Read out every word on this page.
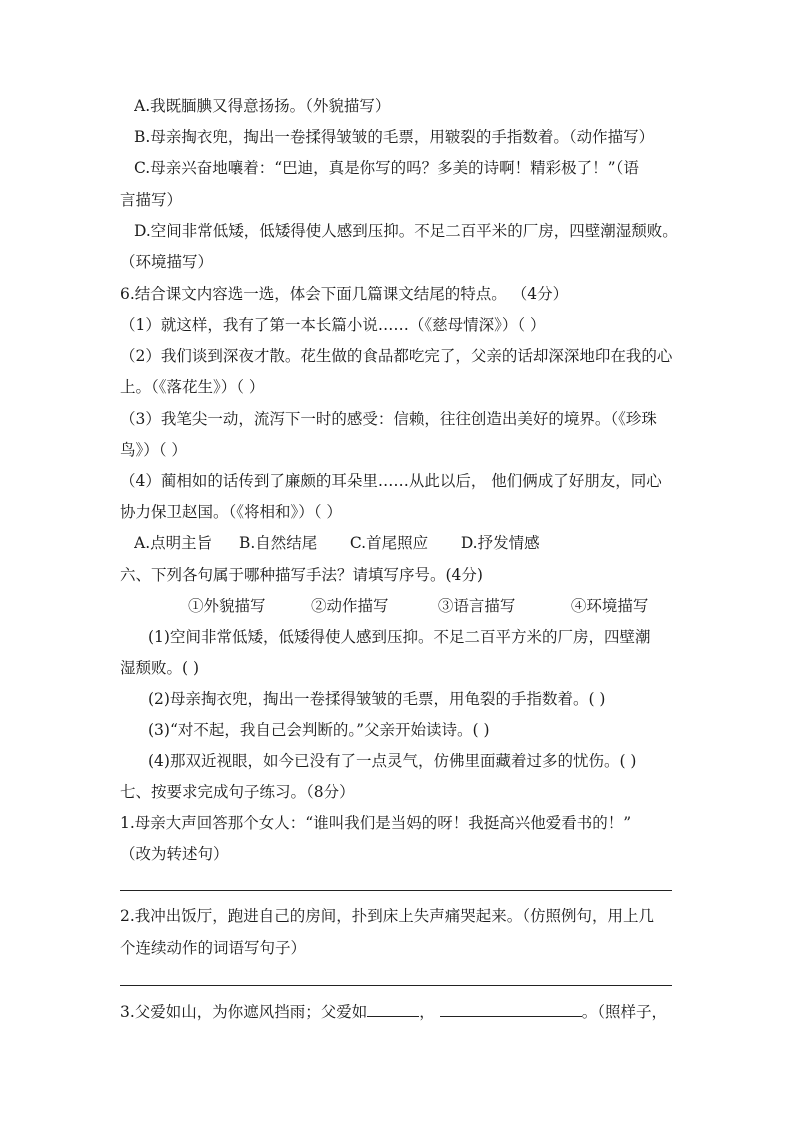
A.我既腼腆又得意扬扬。（外貌描写）
B.母亲掏衣兜，掏出一卷揉得皱皱的毛票，用皲裂的手指数着。（动作描写）
C.母亲兴奋地嚷着：“巴迪，真是你写的吗？多美的诗啊！精彩极了！”（语
言描写）
D.空间非常低矮，低矮得使人感到压抑。不足二百平米的厂房，四壁潮湿颓败。
（环境描写）
6.结合课文内容选一选，体会下面几篇课文结尾的特点。 （4分）
（1）就这样，我有了第一本长篇小说……（《慈母情深》）（ ）
（2）我们谈到深夜才散。花生做的食品都吃完了，父亲的话却深深地印在我的心
上。（《落花生》）（ ）
（3）我笔尖一动，流泻下一时的感受：信赖，往往创造出美好的境界。（《珍珠
鸟》）（ ）
（4）蔺相如的话传到了廉颇的耳朵里……从此以后， 他们俩成了好朋友，同心
协力保卫赵国。（《将相和》）（ ）
A.点明主旨 B.自然结尾 C.首尾照应 D.抒发情感
六、下列各句属于哪种描写手法？请填写序号。(4分)
①外貌描写	②动作描写	③语言描写	④环境描写
(1)空间非常低矮，低矮得使人感到压抑。不足二百平方米的厂房，四壁潮
湿颓败。( )
(2)母亲掏衣兜，掏出一卷揉得皱皱的毛票，用龟裂的手指数着。( )
(3)“对不起，我自己会判断的。”父亲开始读诗。( )
(4)那双近视眼，如今已没有了一点灵气，仿佛里面藏着过多的忧伤。( )
七、按要求完成句子练习。（8分）
1.母亲大声回答那个女人：“谁叫我们是当妈的呀！我挺高兴他爱看书的！”
（改为转述句）
2.我冲出饭厅，跑进自己的房间，扑到床上失声痛哭起来。（仿照例句，用上几
个连续动作的词语写句子）
3.父爱如山，为你遮风挡雨；父爱如	，	。（照样子，
